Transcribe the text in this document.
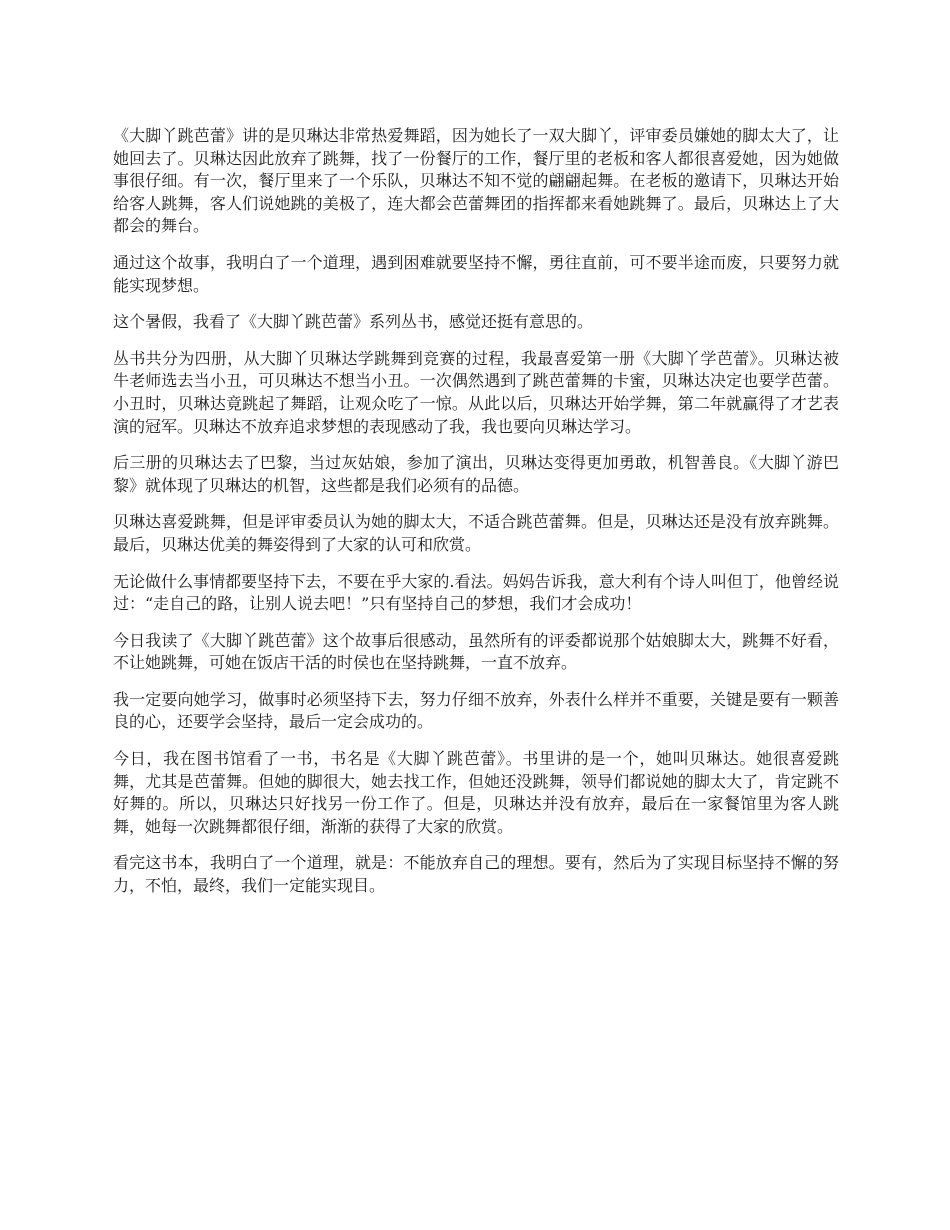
《大脚丫跳芭蕾》讲的是贝琳达非常热爱舞蹈，因为她长了一双大脚丫，评审委员嫌她的脚太大了，让她回去了。贝琳达因此放弃了跳舞，找了一份餐厅的工作，餐厅里的老板和客人都很喜爱她，因为她做事很仔细。有一次，餐厅里来了一个乐队，贝琳达不知不觉的翩翩起舞。在老板的邀请下，贝琳达开始给客人跳舞，客人们说她跳的美极了，连大都会芭蕾舞团的指挥都来看她跳舞了。最后，贝琳达上了大都会的舞台。

通过这个故事，我明白了一个道理，遇到困难就要坚持不懈，勇往直前，可不要半途而废，只要努力就能实现梦想。

这个暑假，我看了《大脚丫跳芭蕾》系列丛书，感觉还挺有意思的。

丛书共分为四册，从大脚丫贝琳达学跳舞到竞赛的过程，我最喜爱第一册《大脚丫学芭蕾》。贝琳达被牛老师选去当小丑，可贝琳达不想当小丑。一次偶然遇到了跳芭蕾舞的卡蜜，贝琳达决定也要学芭蕾。小丑时，贝琳达竟跳起了舞蹈，让观众吃了一惊。从此以后，贝琳达开始学舞，第二年就赢得了才艺表演的冠军。贝琳达不放弃追求梦想的表现感动了我，我也要向贝琳达学习。

后三册的贝琳达去了巴黎，当过灰姑娘，参加了演出，贝琳达变得更加勇敢，机智善良。《大脚丫游巴黎》就体现了贝琳达的机智，这些都是我们必须有的品德。

贝琳达喜爱跳舞，但是评审委员认为她的脚太大，不适合跳芭蕾舞。但是，贝琳达还是没有放弃跳舞。最后，贝琳达优美的舞姿得到了大家的认可和欣赏。

无论做什么事情都要坚持下去，不要在乎大家的.看法。妈妈告诉我，意大利有个诗人叫但丁，他曾经说过：“走自己的路，让别人说去吧！”只有坚持自己的梦想，我们才会成功！

今日我读了《大脚丫跳芭蕾》这个故事后很感动，虽然所有的评委都说那个姑娘脚太大，跳舞不好看，不让她跳舞，可她在饭店干活的时侯也在坚持跳舞，一直不放弃。

我一定要向她学习，做事时必须坚持下去，努力仔细不放弃，外表什么样并不重要，关键是要有一颗善良的心，还要学会坚持，最后一定会成功的。

今日，我在图书馆看了一书，书名是《大脚丫跳芭蕾》。书里讲的是一个，她叫贝琳达。她很喜爱跳舞，尤其是芭蕾舞。但她的脚很大，她去找工作，但她还没跳舞，领导们都说她的脚太大了，肯定跳不好舞的。所以，贝琳达只好找另一份工作了。但是，贝琳达并没有放弃，最后在一家餐馆里为客人跳舞，她每一次跳舞都很仔细，渐渐的获得了大家的欣赏。

看完这书本，我明白了一个道理，就是：不能放弃自己的理想。要有，然后为了实现目标坚持不懈的努力，不怕，最终，我们一定能实现目。
